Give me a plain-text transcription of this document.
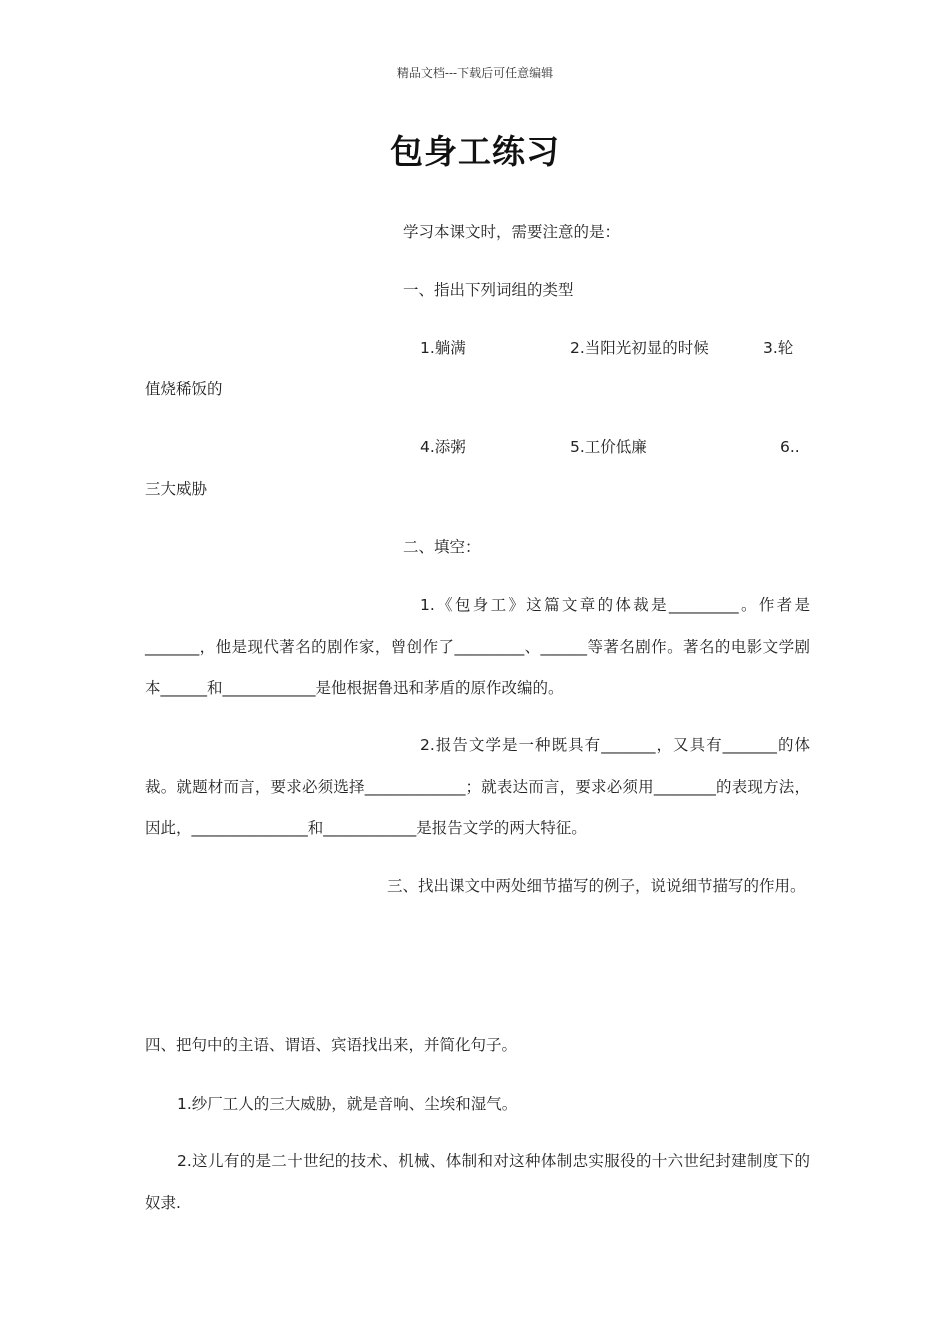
精品文档---下载后可任意编辑
包身工练习
学习本课文时，需要注意的是：
一、指出下列词组的类型
1.躺满	2.当阳光初显的时候	3.轮
值烧稀饭的
4.添粥	5.工价低廉	6..
三大威胁
二、填空：
1.《包身工》这篇文章的体裁是_________。作者是_______，他是现代著名的剧作家，曾创作了_________、______等著名剧作。著名的电影文学剧本______和____________是他根据鲁迅和茅盾的原作改编的。
2.报告文学是一种既具有_______，又具有_______的体裁。就题材而言，要求必须选择_____________；就表达而言，要求必须用________的表现方法，因此，_______________和____________是报告文学的两大特征。
三、找出课文中两处细节描写的例子，说说细节描写的作用。
四、把句中的主语、谓语、宾语找出来，并简化句子。
1.纱厂工人的三大威胁，就是音响、尘埃和湿气。
2.这儿有的是二十世纪的技术、机械、体制和对这种体制忠实服役的十六世纪封建制度下的奴隶.
